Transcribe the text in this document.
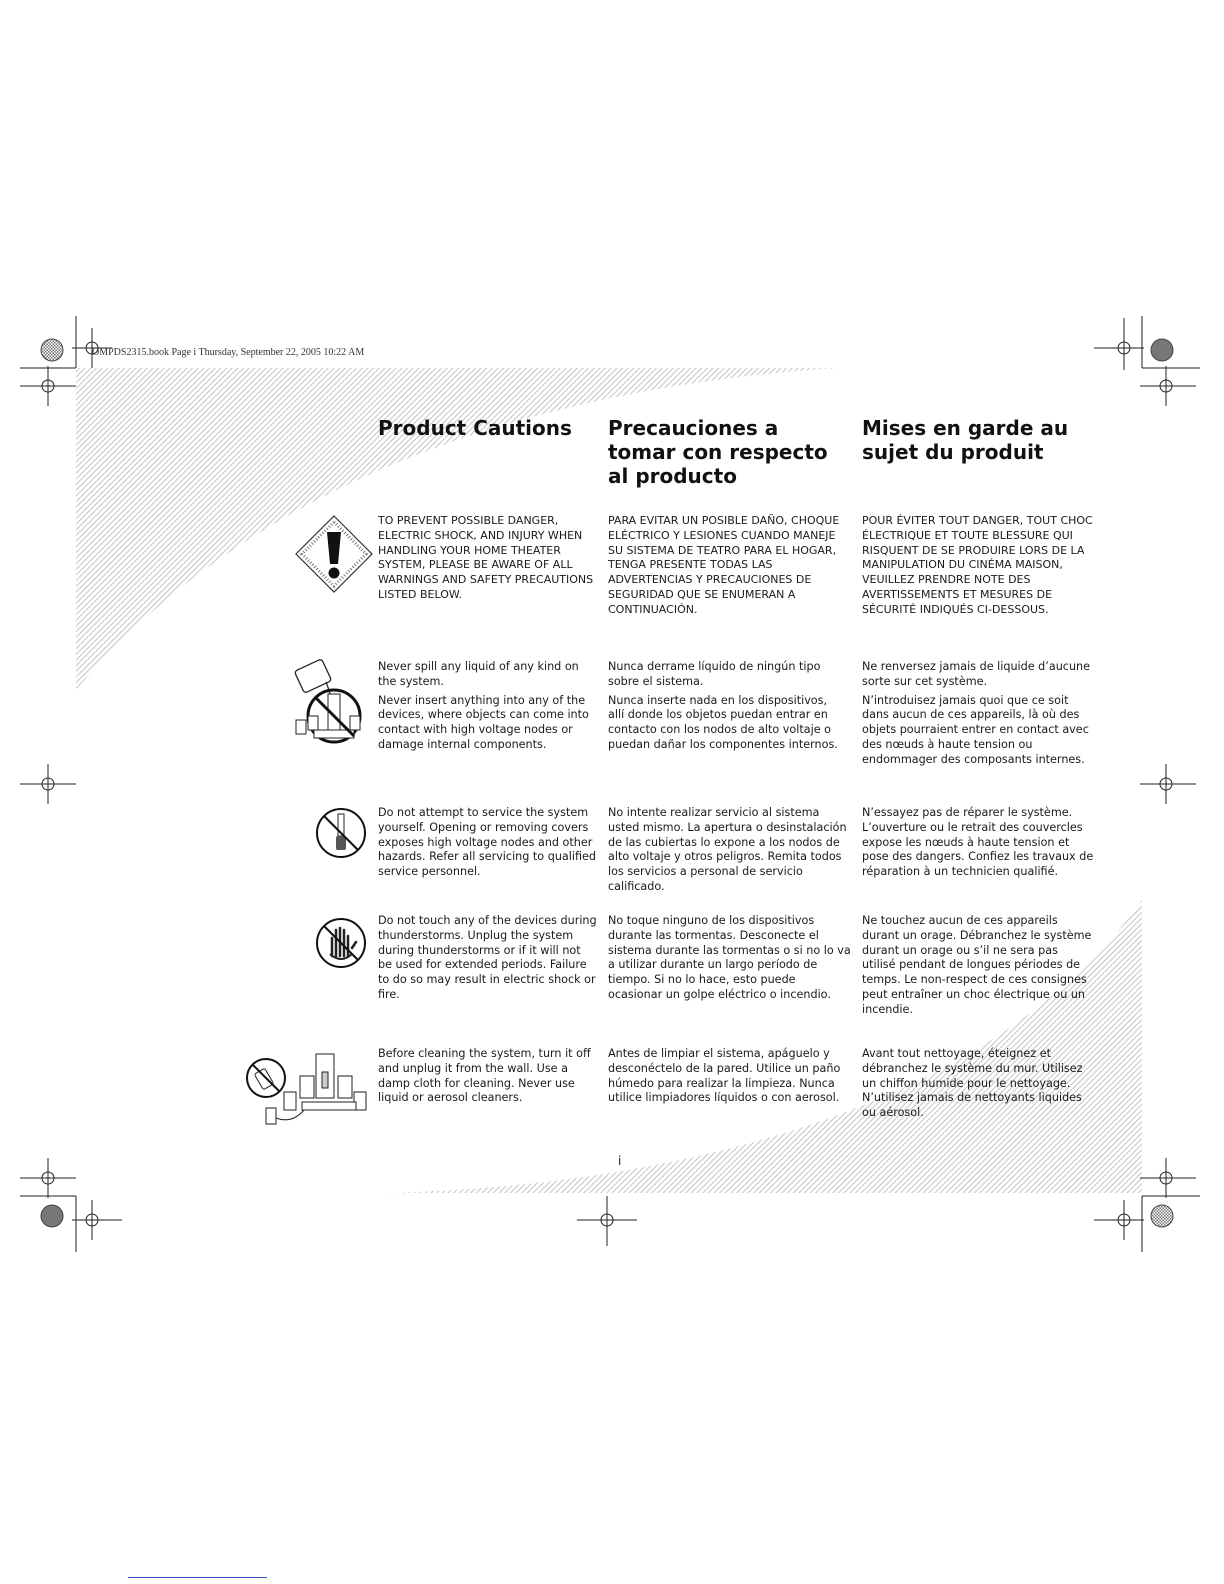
OMPDS2315.book Page i Thursday, September 22, 2005 10:22 AM

Product Cautions	Precauciones a tomar con respecto al producto

Mises en garde au sujet du produit

TO PREVENT POSSIBLE DANGER, ELECTRIC SHOCK, AND INJURY WHEN HANDLING YOUR HOME THEATER SYSTEM, PLEASE BE AWARE OF ALL WARNINGS AND SAFETY PRECAUTIONS LISTED BELOW.
PARA EVITAR UN POSIBLE DAÑO, CHOQUE ELÉCTRICO Y LESIONES CUANDO MANEJE SU SISTEMA DE TEATRO PARA EL HOGAR, TENGA PRESENTE TODAS LAS ADVERTENCIAS Y PRECAUCIONES DE SEGURIDAD QUE SE ENUMERAN A CONTINUACIÓN.
POUR ÉVITER TOUT DANGER, TOUT CHOC ÉLECTRIQUE ET TOUTE BLESSURE QUI RISQUENT DE SE PRODUIRE LORS DE LA MANIPULATION DU CINÉMA MAISON, VEUILLEZ PRENDRE NOTE DES AVERTISSEMENTS ET MESURES DE SÉCURITÉ INDIQUÉS CI-DESSOUS.

Never spill any liquid of any kind on the system.

Never insert anything into any of the devices, where objects can come into contact with high voltage nodes or damage internal components.

Nunca derrame líquido de ningún tipo sobre el sistema.

Nunca inserte nada en los dispositivos, allí donde los objetos puedan entrar en contacto con los nodos de alto voltaje o puedan dañar los componentes internos.

Ne renversez jamais de liquide d’aucune sorte sur cet système.

N’introduisez jamais quoi que ce soit dans aucun de ces appareils, là où des objets pourraient entrer en contact avec des nœuds à haute tension ou endommager des composants internes.

Do not attempt to service the system yourself. Opening or removing covers exposes high voltage nodes and other hazards. Refer all servicing to qualified service personnel.
No intente realizar servicio al sistema usted mismo. La apertura o desinstalación de las cubiertas lo expone a los nodos de alto voltaje y otros peligros. Remita todos los servicios a personal de servicio calificado.
N’essayez pas de réparer le système. L’ouverture ou le retrait des couvercles expose les nœuds à haute tension et pose des dangers. Confiez les travaux de réparation à un technicien qualifié.
Do not touch any of the devices during thunderstorms. Unplug the system during thunderstorms or if it will not be used for extended periods. Failure to do so may result in electric shock or fire.
No toque ninguno de los dispositivos durante las tormentas. Desconecte el sistema durante las tormentas o si no lo va a utilizar durante un largo período de tiempo. Si no lo hace, esto puede ocasionar un golpe eléctrico o incendio.
Ne touchez aucun de ces appareils durant un orage. Débranchez le système durant un orage ou s’il ne sera pas utilisé pendant de longues périodes de temps. Le non-respect de ces consignes peut entraîner un choc électrique ou un incendie.
Before cleaning the system, turn it off and unplug it from the wall. Use a damp cloth for cleaning. Never use liquid or aerosol cleaners.
Antes de limpiar el sistema, apáguelo y desconéctelo de la pared. Utilice un paño húmedo para realizar la limpieza. Nunca utilice limpiadores líquidos o con aerosol.
Avant tout nettoyage, éteignez et débranchez le système du mur. Utilisez un chiffon humide pour le nettoyage. N’utilisez jamais de nettoyants liquides ou aérosol.
i
